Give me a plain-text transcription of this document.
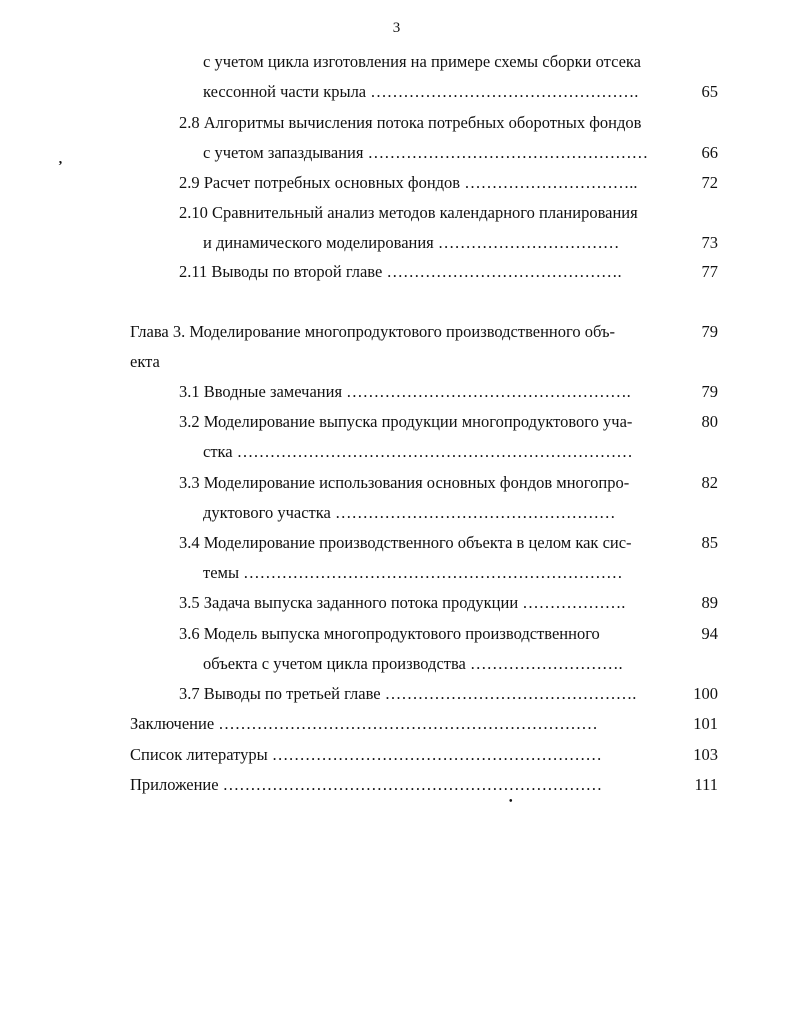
3
с учетом цикла изготовления на примере схемы сборки отсека
кессонной части крыла ………………………………………….
2.8 Алгоритмы вычисления потока потребных оборотных фондов
с учетом запаздывания ……………………………………………
2.9 Расчет потребных основных фондов …………………………..
2.10 Сравнительный анализ методов календарного планирования
и динамического моделирования ……………………………
2.11 Выводы по второй главе …………………………………….
Глава 3. Моделирование многопродуктового производственного объ-
екта
3.1 Вводные замечания …………………………………………….
3.2 Моделирование выпуска продукции многопродуктового уча-
стка ………………………………………………………………
3.3 Моделирование использования основных фондов многопро-
дуктового участка ……………………………………………
3.4 Моделирование производственного объекта в целом как сис-
темы ……………………………………………………………
3.5 Задача выпуска заданного потока продукции ……………….
3.6 Модель выпуска многопродуктового производственного
объекта с учетом цикла производства ……………………….
3.7 Выводы по третьей главе ……………………………………….
Заключение ……………………………………………………………
Список литературы ……………………………………………………
Приложение ……………………………………………………………
65
66
72
73
77
79
79
80
82
85
89
94
100
101
103
111
’
•
